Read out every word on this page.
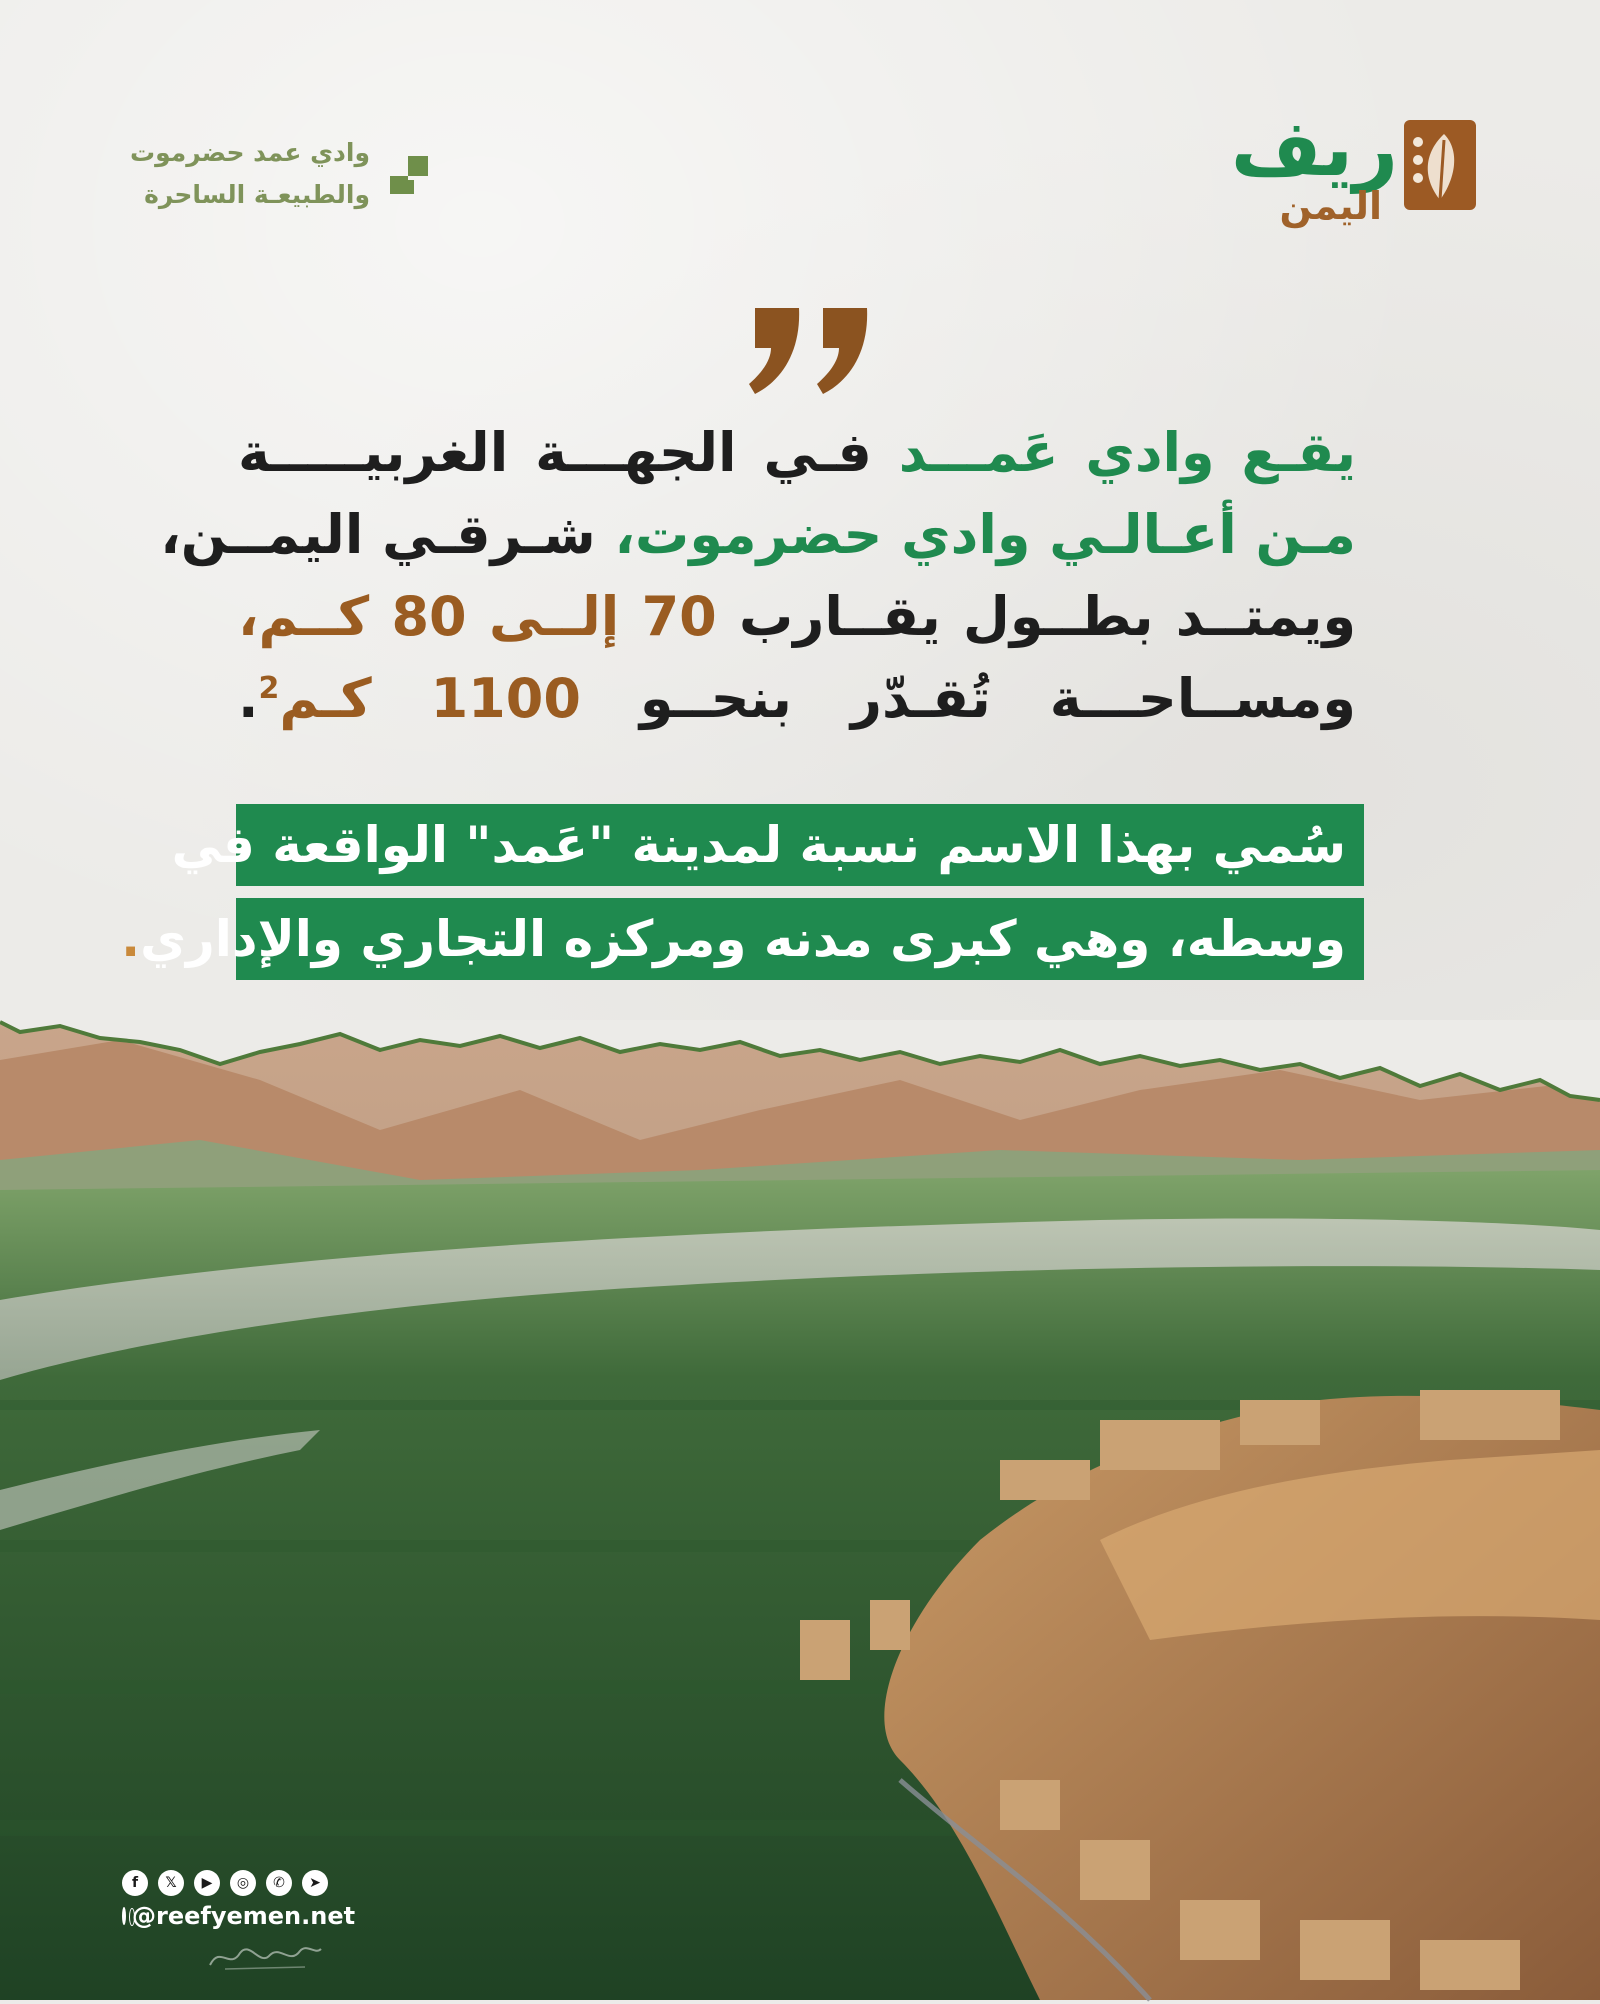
وادي عمد حضرموت
والطبيعـة الساحرة
ريف
اليمن
يقـع وادي عَمـــد فـي الجهـــة الغربيـــــة
مـن أعـالـي وادي حضرموت، شـرقـي اليمــن،
ويمتــد بطــول يقــارب 70 إلــى 80 كــم،
ومســاحـــة تُقـدّر بنحــو 1100 كـم$^2$.
سُمي بهذا الاسم نسبة لمدينة "عَمد" الواقعة في
وسطه، وهي كبرى مدنه ومركزه التجاري والإداري.
f	𝕏	▶	◎	✆	➤
@reefyemen.net
